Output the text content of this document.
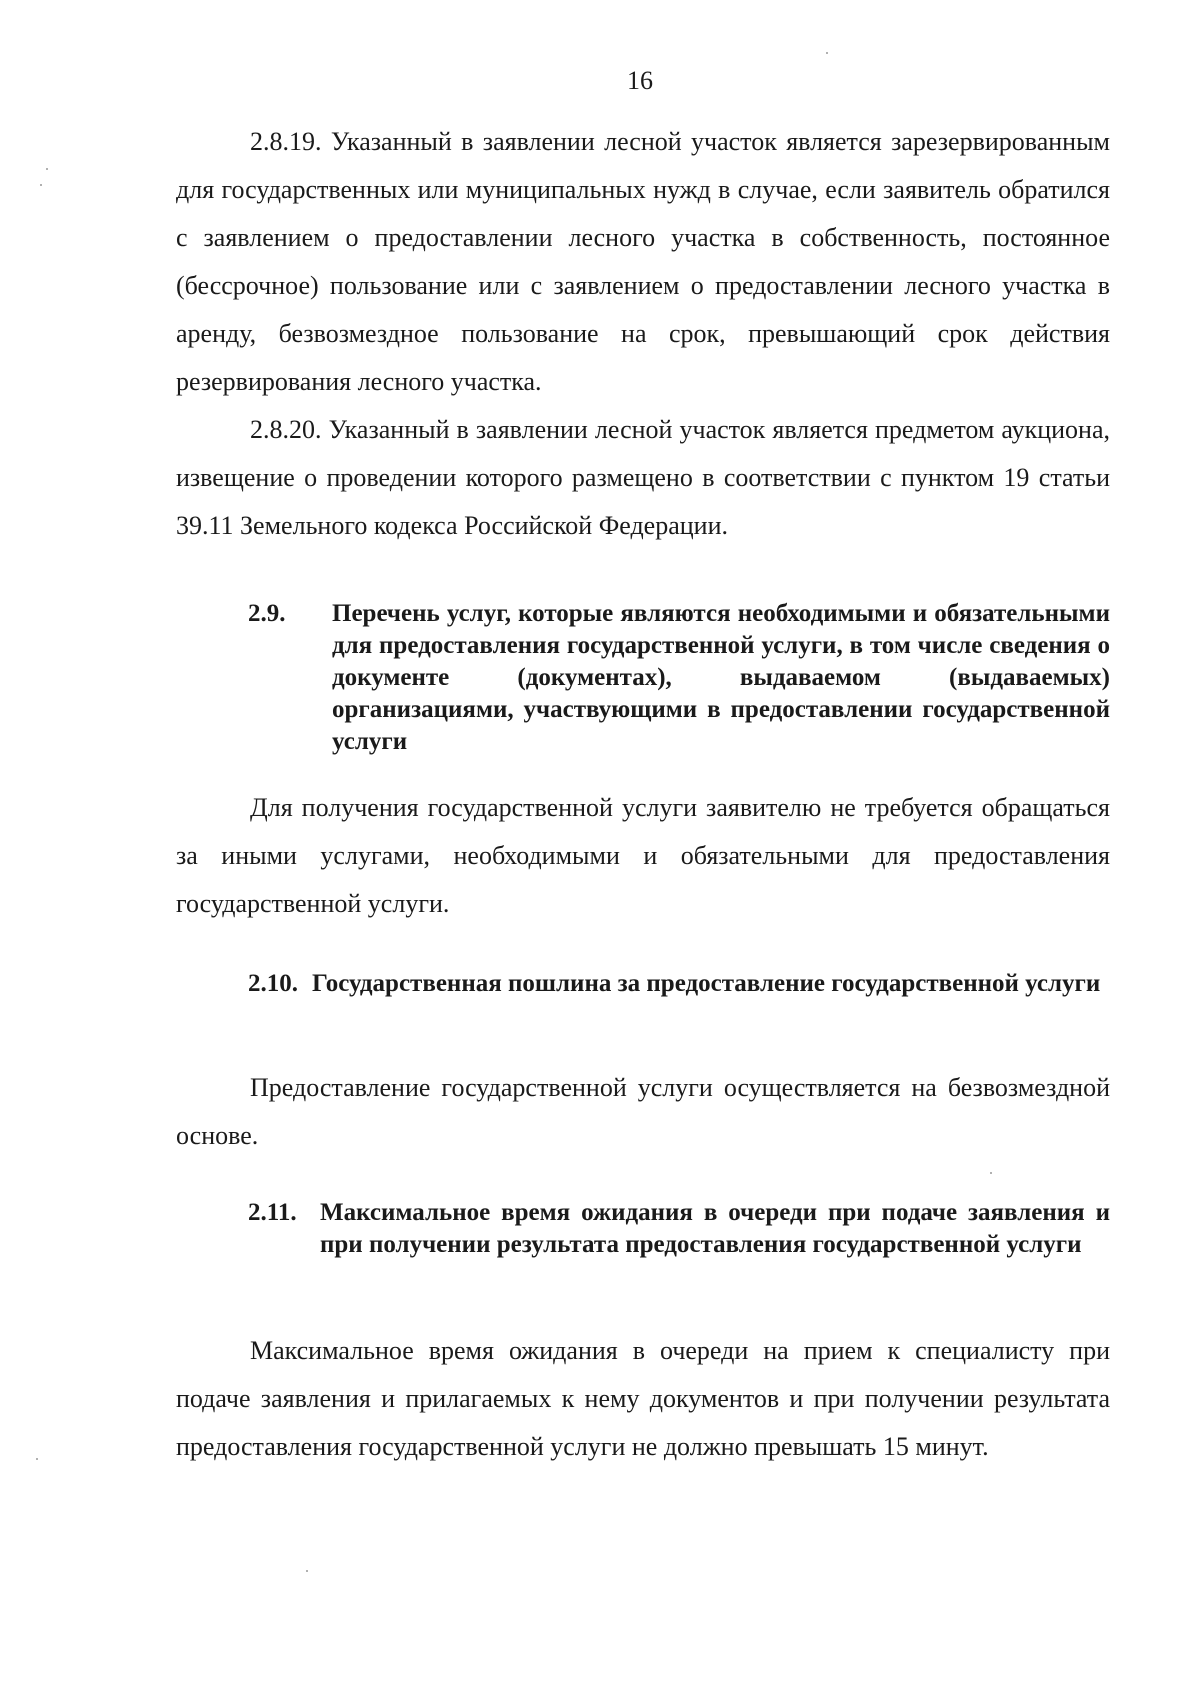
16

2.8.19. Указанный в заявлении лесной участок является зарезервированным для государственных или муниципальных нужд в случае, если заявитель обратился с заявлением о предоставлении лесного участка в собственность, постоянное (бессрочное) пользование или с заявлением о предоставлении лесного участка в аренду, безвозмездное пользование на срок, превышающий срок действия резервирования лесного участка.

2.8.20. Указанный в заявлении лесной участок является предметом аукциона, извещение о проведении которого размещено в соответствии с пунктом 19 статьи 39.11 Земельного кодекса Российской Федерации.

2.9. Перечень услуг, которые являются необходимыми и обязательными для предоставления государственной услуги, в том числе сведения о документе (документах), выдаваемом (выдаваемых) организациями, участвующими в предоставлении государственной услуги

Для получения государственной услуги заявителю не требуется обращаться за иными услугами, необходимыми и обязательными для предоставления государственной услуги.

2.10. Государственная пошлина за предоставление государственной услуги

Предоставление государственной услуги осуществляется на безвозмездной основе.

2.11. Максимальное время ожидания в очереди при подаче заявления и при получении результата предоставления государственной услуги

Максимальное время ожидания в очереди на прием к специалисту при подаче заявления и прилагаемых к нему документов и при получении результата предоставления государственной услуги не должно превышать 15 минут.
